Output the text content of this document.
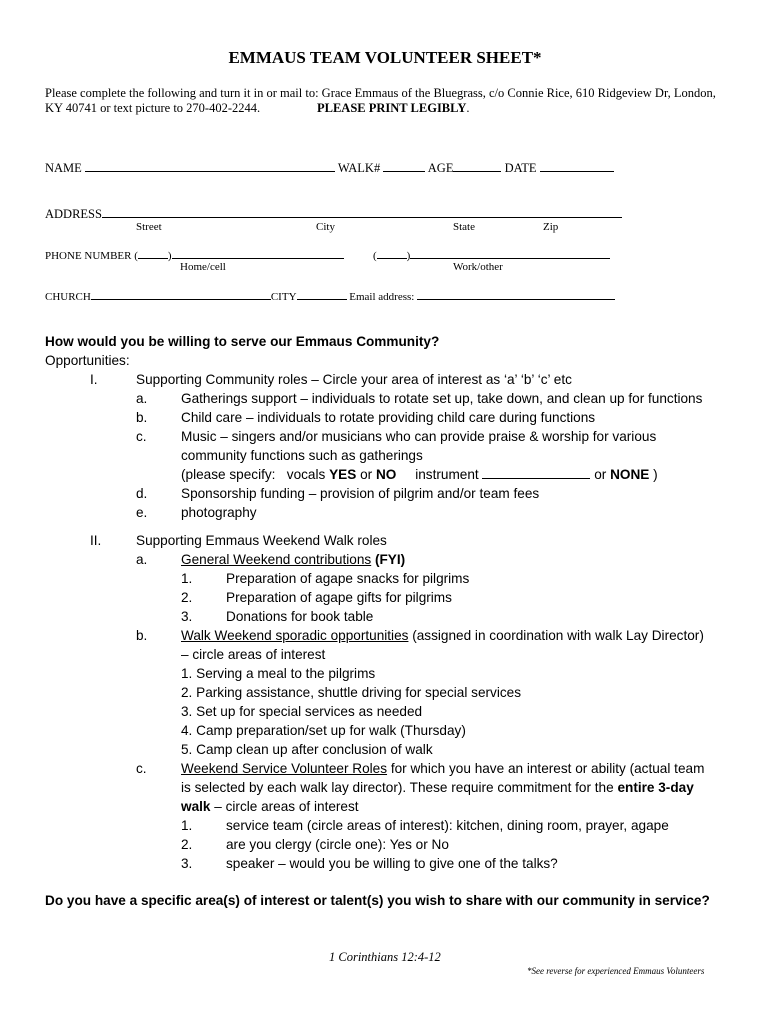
EMMAUS TEAM VOLUNTEER SHEET*
Please complete the following and turn it in or mail to: Grace Emmaus of the Bluegrass, c/o Connie Rice, 610 Ridgeview Dr, London,
KY 40741 or text picture to 270-402-2244.	PLEASE PRINT LEGIBLY.
NAME	WALK#	AGE	DATE
ADDRESS
Street	City	State	Zip
PHONE NUMBER (	)	(	)
Home/cell	Work/other
CHURCH	CITY	Email address:
How would you be willing to serve our Emmaus Community?
Opportunities:
I.	Supporting Community roles – Circle your area of interest as ‘a’ ‘b’ ‘c’ etc
a. Gatherings support – individuals to rotate set up, take down, and clean up for functions
b. Child care – individuals to rotate providing child care during functions
c.	Music – singers and/or musicians who can provide praise & worship for various
community functions such as gatherings
(please specify:   vocals YES or NO     instrument	or NONE )
d. Sponsorship funding – provision of pilgrim and/or team fees
e. photography
II.	Supporting Emmaus Weekend Walk roles
a. General Weekend contributions (FYI)
1. Preparation of agape snacks for pilgrims
2. Preparation of agape gifts for pilgrims
3. Donations for book table
b. Walk Weekend sporadic opportunities (assigned in coordination with walk Lay Director)
– circle areas of interest
1. Serving a meal to the pilgrims
2. Parking assistance, shuttle driving for special services
3. Set up for special services as needed
4. Camp preparation/set up for walk (Thursday)
5. Camp clean up after conclusion of walk
c.	Weekend Service Volunteer Roles for which you have an interest or ability (actual team
is selected by each walk lay director). These require commitment for the entire 3-day
walk – circle areas of interest
1. service team (circle areas of interest): kitchen, dining room, prayer, agape
2. are you clergy (circle one): Yes or No
3. speaker – would you be willing to give one of the talks?
Do you have a specific area(s) of interest or talent(s) you wish to share with our community in service?
1 Corinthians 12:4-12
*See reverse for experienced Emmaus Volunteers
